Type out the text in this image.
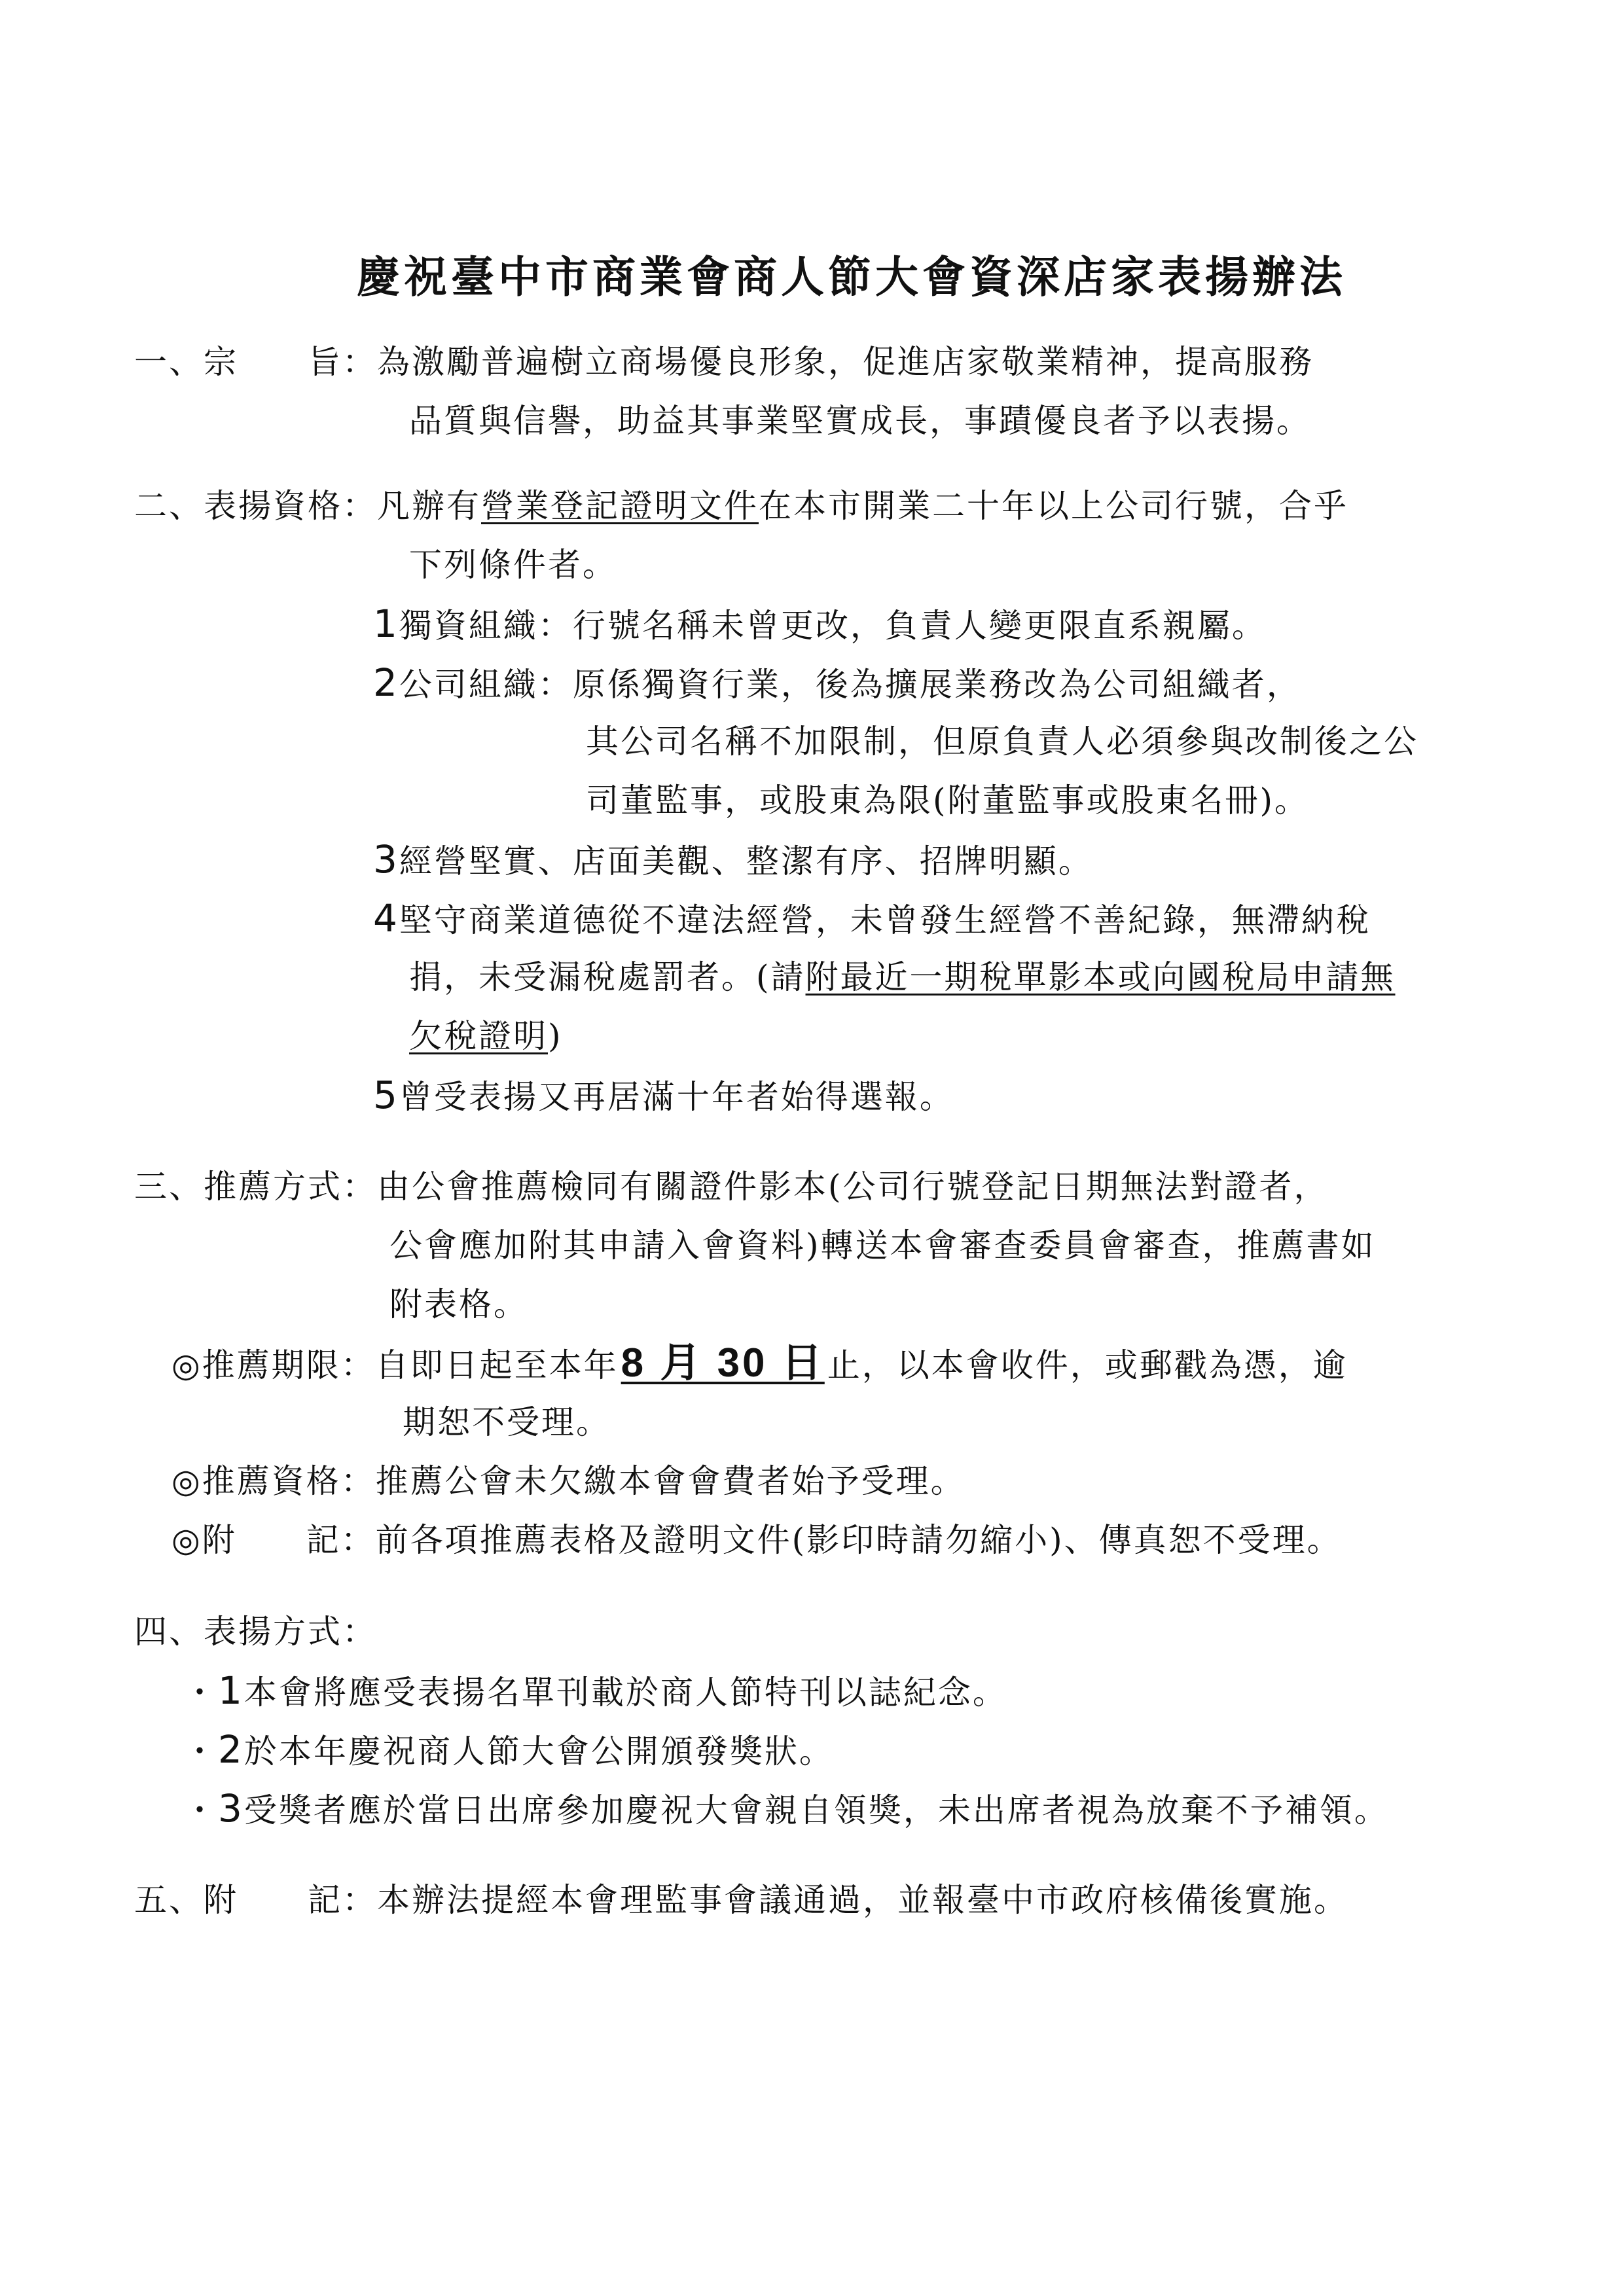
慶祝臺中市商業會商人節大會資深店家表揚辦法
一、宗　　旨：為激勵普遍樹立商場優良形象，促進店家敬業精神，提高服務
品質與信譽，助益其事業堅實成長，事蹟優良者予以表揚。
二、表揚資格：凡辦有營業登記證明文件在本市開業二十年以上公司行號，合乎
下列條件者。
1獨資組織：行號名稱未曾更改，負責人變更限直系親屬。
2公司組織：原係獨資行業，後為擴展業務改為公司組織者，
其公司名稱不加限制，但原負責人必須參與改制後之公
司董監事，或股東為限(附董監事或股東名冊)。
3經營堅實、店面美觀、整潔有序、招牌明顯。
4堅守商業道德從不違法經營，未曾發生經營不善紀錄，無滯納稅
捐，未受漏稅處罰者。(請附最近一期稅單影本或向國稅局申請無
欠稅證明)
5曾受表揚又再居滿十年者始得選報。
三、推薦方式：由公會推薦檢同有關證件影本(公司行號登記日期無法對證者，
公會應加附其申請入會資料)轉送本會審查委員會審查，推薦書如
附表格。
◎推薦期限：自即日起至本年8 月 30 日止，以本會收件，或郵戳為憑，逾
期恕不受理。
◎推薦資格：推薦公會未欠繳本會會費者始予受理。
◎附　　記：前各項推薦表格及證明文件(影印時請勿縮小)、傳真恕不受理。
四、表揚方式：
・1本會將應受表揚名單刊載於商人節特刊以誌紀念。
・2於本年慶祝商人節大會公開頒發獎狀。
・3受獎者應於當日出席參加慶祝大會親自領獎，未出席者視為放棄不予補領。
五、附　　記：本辦法提經本會理監事會議通過，並報臺中市政府核備後實施。
